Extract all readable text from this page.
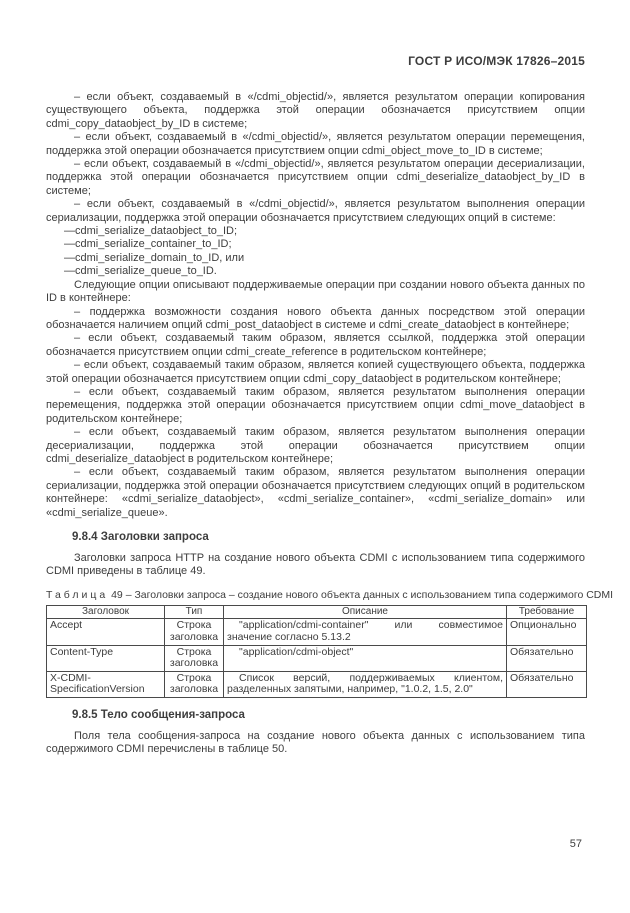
ГОСТ Р ИСО/МЭК 17826–2015

– если объект, создаваемый в «/cdmi_objectid/», является результатом операции копирования существующего объекта, поддержка этой операции обозначается присутствием опции cdmi_copy_dataobject_by_ID в системе;

– если объект, создаваемый в «/cdmi_objectid/», является результатом операции перемещения, поддержка этой операции обозначается присутствием опции cdmi_object_move_to_ID в системе;

– если объект, создаваемый в «/cdmi_objectid/», является результатом операции десериализации, поддержка этой операции обозначается присутствием опции cdmi_deserialize_dataobject_by_ID в системе;

– если объект, создаваемый в «/cdmi_objectid/», является результатом выполнения операции сериализации, поддержка этой операции обозначается присутствием следующих опций в системе:

—cdmi_serialize_dataobject_to_ID;
—cdmi_serialize_container_to_ID;
—cdmi_serialize_domain_to_ID, или
—cdmi_serialize_queue_to_ID.

Следующие опции описывают поддерживаемые операции при создании нового объекта данных по ID в контейнере:

– поддержка возможности создания нового объекта данных посредством этой операции обозначается наличием опций cdmi_post_dataobject в системе и cdmi_create_dataobject в контейнере;

– если объект, создаваемый таким образом, является ссылкой, поддержка этой операции обозначается присутствием опции cdmi_create_reference в родительском контейнере;

– если объект, создаваемый таким образом, является копией существующего объекта, поддержка этой операции обозначается присутствием опции cdmi_copy_dataobject в родительском контейнере;

– если объект, создаваемый таким образом, является результатом выполнения операции перемещения, поддержка этой операции обозначается присутствием опции cdmi_move_dataobject в родительском контейнере;

– если объект, создаваемый таким образом, является результатом выполнения операции десериализации, поддержка этой операции обозначается присутствием опции cdmi_deserialize_dataobject в родительском контейнере;

– если объект, создаваемый таким образом, является результатом выполнения операции сериализации, поддержка этой операции обозначается присутствием следующих опций в родительском контейнере: «cdmi_serialize_dataobject», «cdmi_serialize_container», «cdmi_serialize_domain» или «cdmi_serialize_queue».

9.8.4 Заголовки запроса

Заголовки запроса HTTP на создание нового объекта CDMI с использованием типа содержимого CDMI приведены в таблице 49.

Таблица 49 – Заголовки запроса – создание нового объекта данных с использованием типа содержимого CDMI
Заголовок	Тип	Описание	Требование
Accept	Строка заголовка	"application/cdmi-container" или совместимое значение согласно 5.13.2	Опционально
Content-Type	Строка заголовка	"application/cdmi-object"	Обязательно
X-CDMI-SpecificationVersion	Строка заголовка	Список версий, поддерживаемых клиентом, разделенных запятыми, например, "1.0.2, 1.5, 2.0"	Обязательно
9.8.5 Тело сообщения-запроса

Поля тела сообщения-запроса на создание нового объекта данных с использованием типа содержимого CDMI перечислены в таблице 50.

57
